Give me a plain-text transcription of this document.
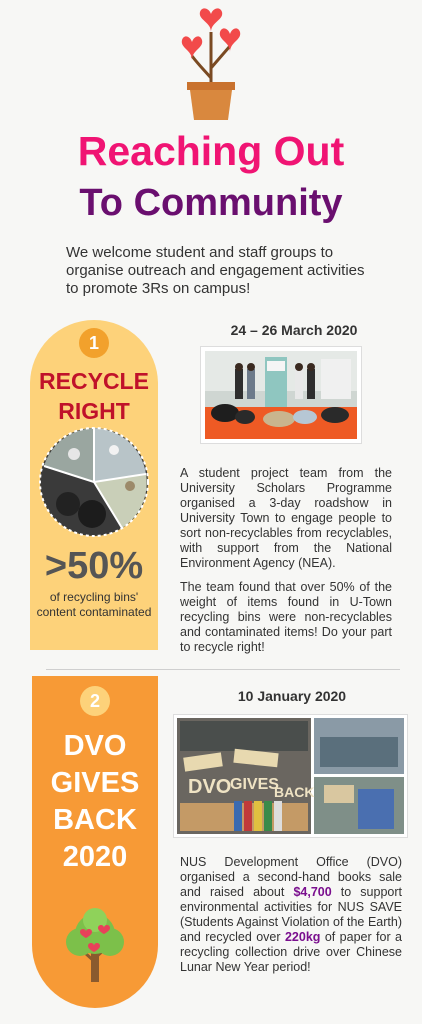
Reaching Out
To Community
We welcome student and staff groups to organise outreach and engagement activities to promote 3Rs on campus!
1
RECYCLE
RIGHT
>50%
of recycling bins' content contaminated
24 – 26 March 2020
A student project team from the University Scholars Programme organised a 3-day roadshow in University Town to engage people to sort non-recyclables from recyclables, with support from the National Environment Agency (NEA).
The team found that over 50% of the weight of items found in U-Town recycling bins were non-recyclables and contaminated items! Do your part to recycle right!
2
DVO
GIVES
BACK
2020
10 January 2020
DVO
GIVES
BACK
NUS Development Office (DVO) organised a second-hand books sale and raised about $4,700 to support environmental activities for NUS SAVE (Students Against Violation of the Earth) and recycled over 220kg of paper for a recycling collection drive over Chinese Lunar New Year period!
